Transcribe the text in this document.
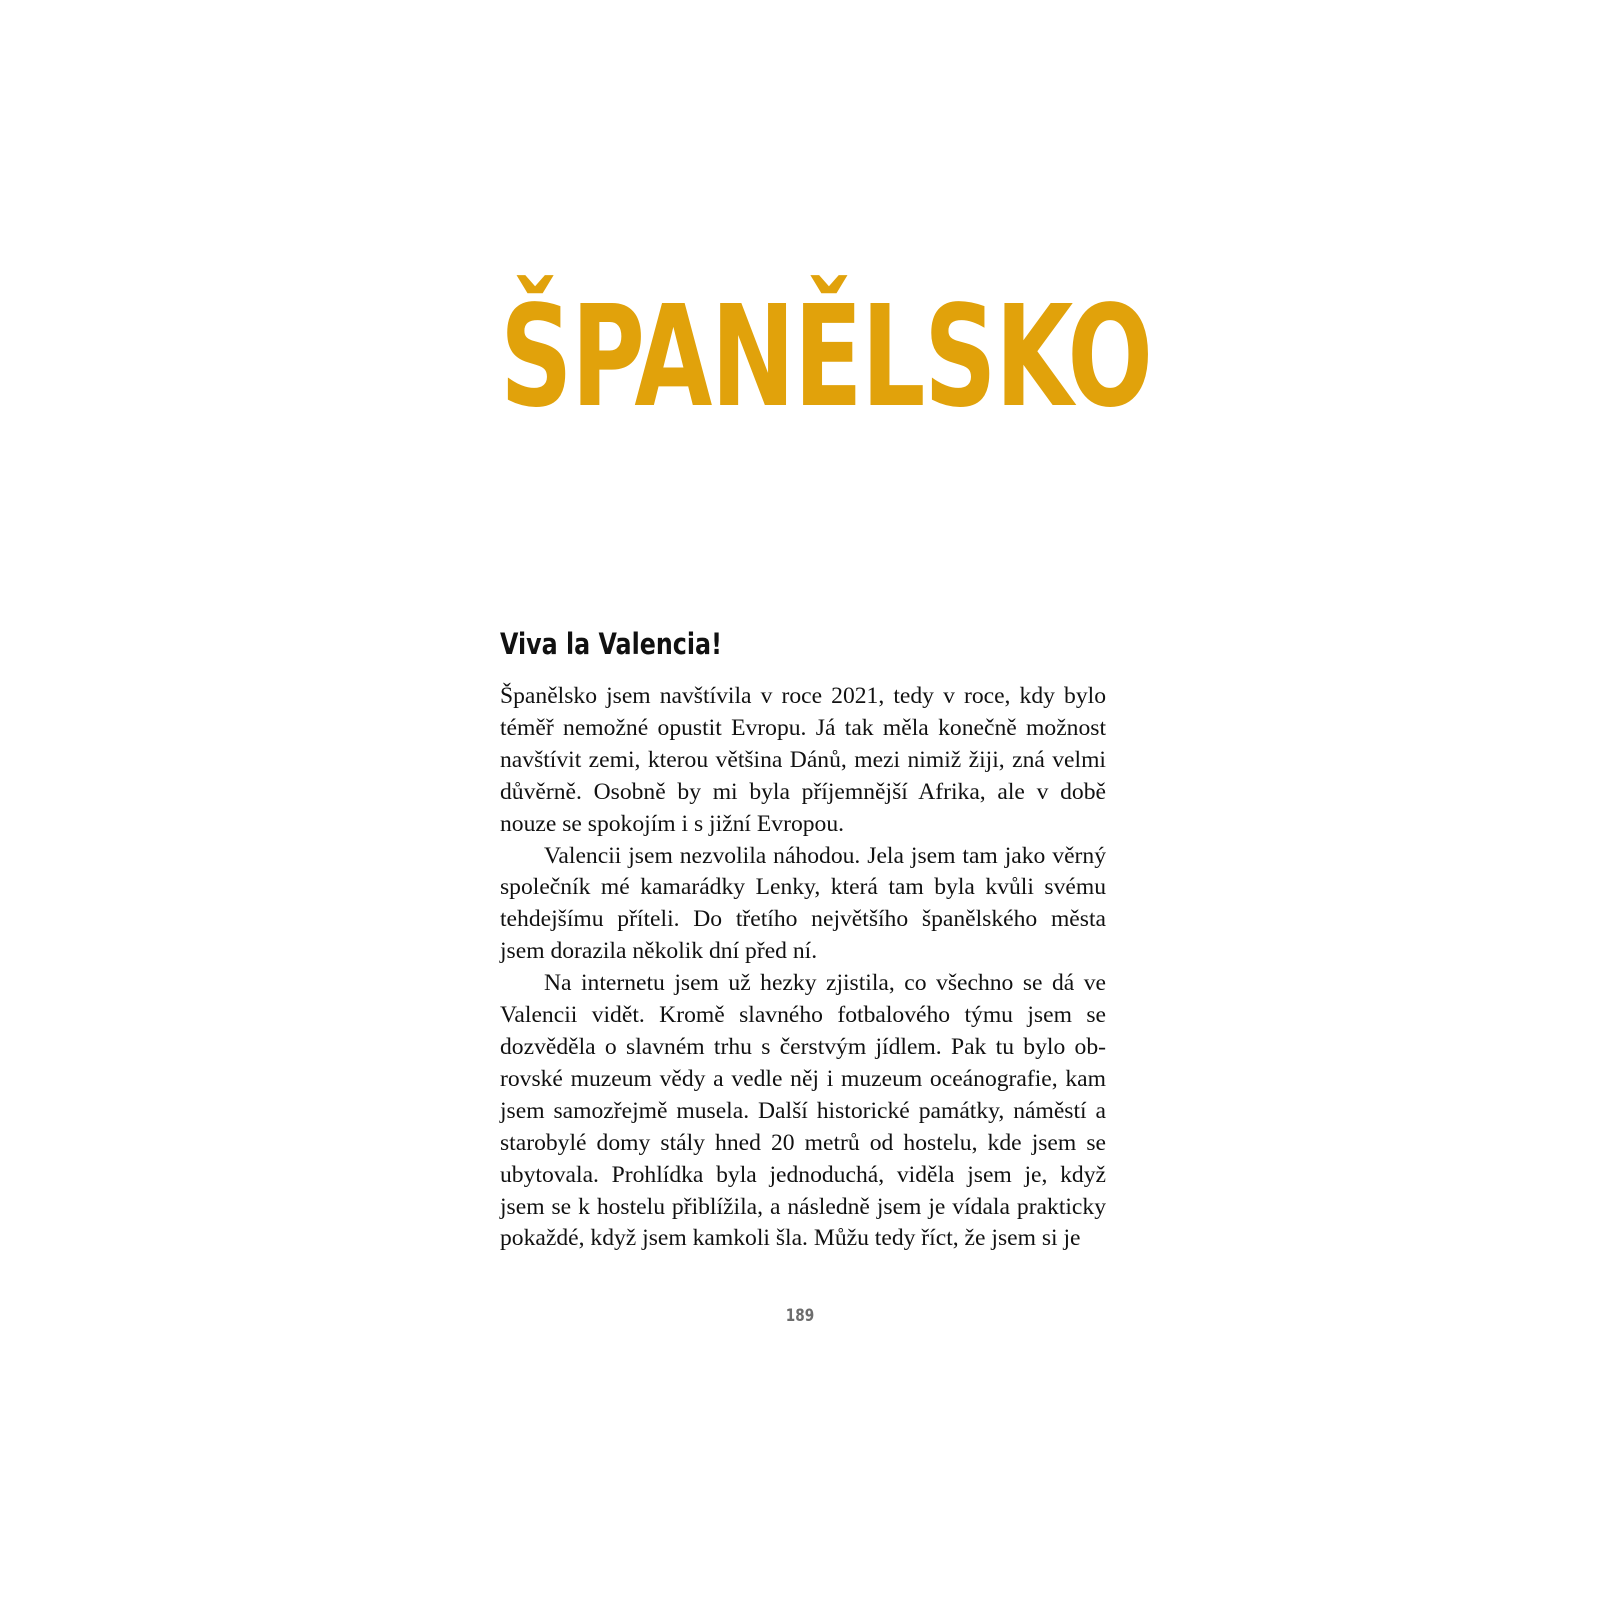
ŠPANĚLSKO
Viva la Valencia!

Španělsko jsem navštívila v roce 2021, tedy v roce, kdy bylo téměř nemožné opustit Evropu. Já tak měla konečně možnost navštívit zemi, kterou většina Dánů, mezi nimiž žiji, zná velmi důvěrně. Osobně by mi byla příjemnější Afrika, ale v době nouze se spokojím i s jižní Evropou.

Valencii jsem nezvolila náhodou. Jela jsem tam jako věrný společník mé kamarádky Lenky, která tam byla kvůli svému tehdejšímu příteli. Do třetího největšího španělského města jsem dorazila několik dní před ní.

Na internetu jsem už hezky zjistila, co všechno se dá ve Valencii vidět. Kromě slavného fotbalového týmu jsem se dozvěděla o slavném trhu s čerstvým jídlem. Pak tu bylo obrovské muzeum vědy a vedle něj i muzeum oceánografie, kam jsem samozřejmě musela. Další historické památky, náměstí a starobylé domy stály hned 20 metrů od hostelu, kde jsem se ubytovala. Prohlídka byla jednoduchá, viděla jsem je, když jsem se k hostelu přiblížila, a následně jsem je vídala prakticky pokaždé, když jsem kamkoli šla. Můžu tedy říct, že jsem si je

189
